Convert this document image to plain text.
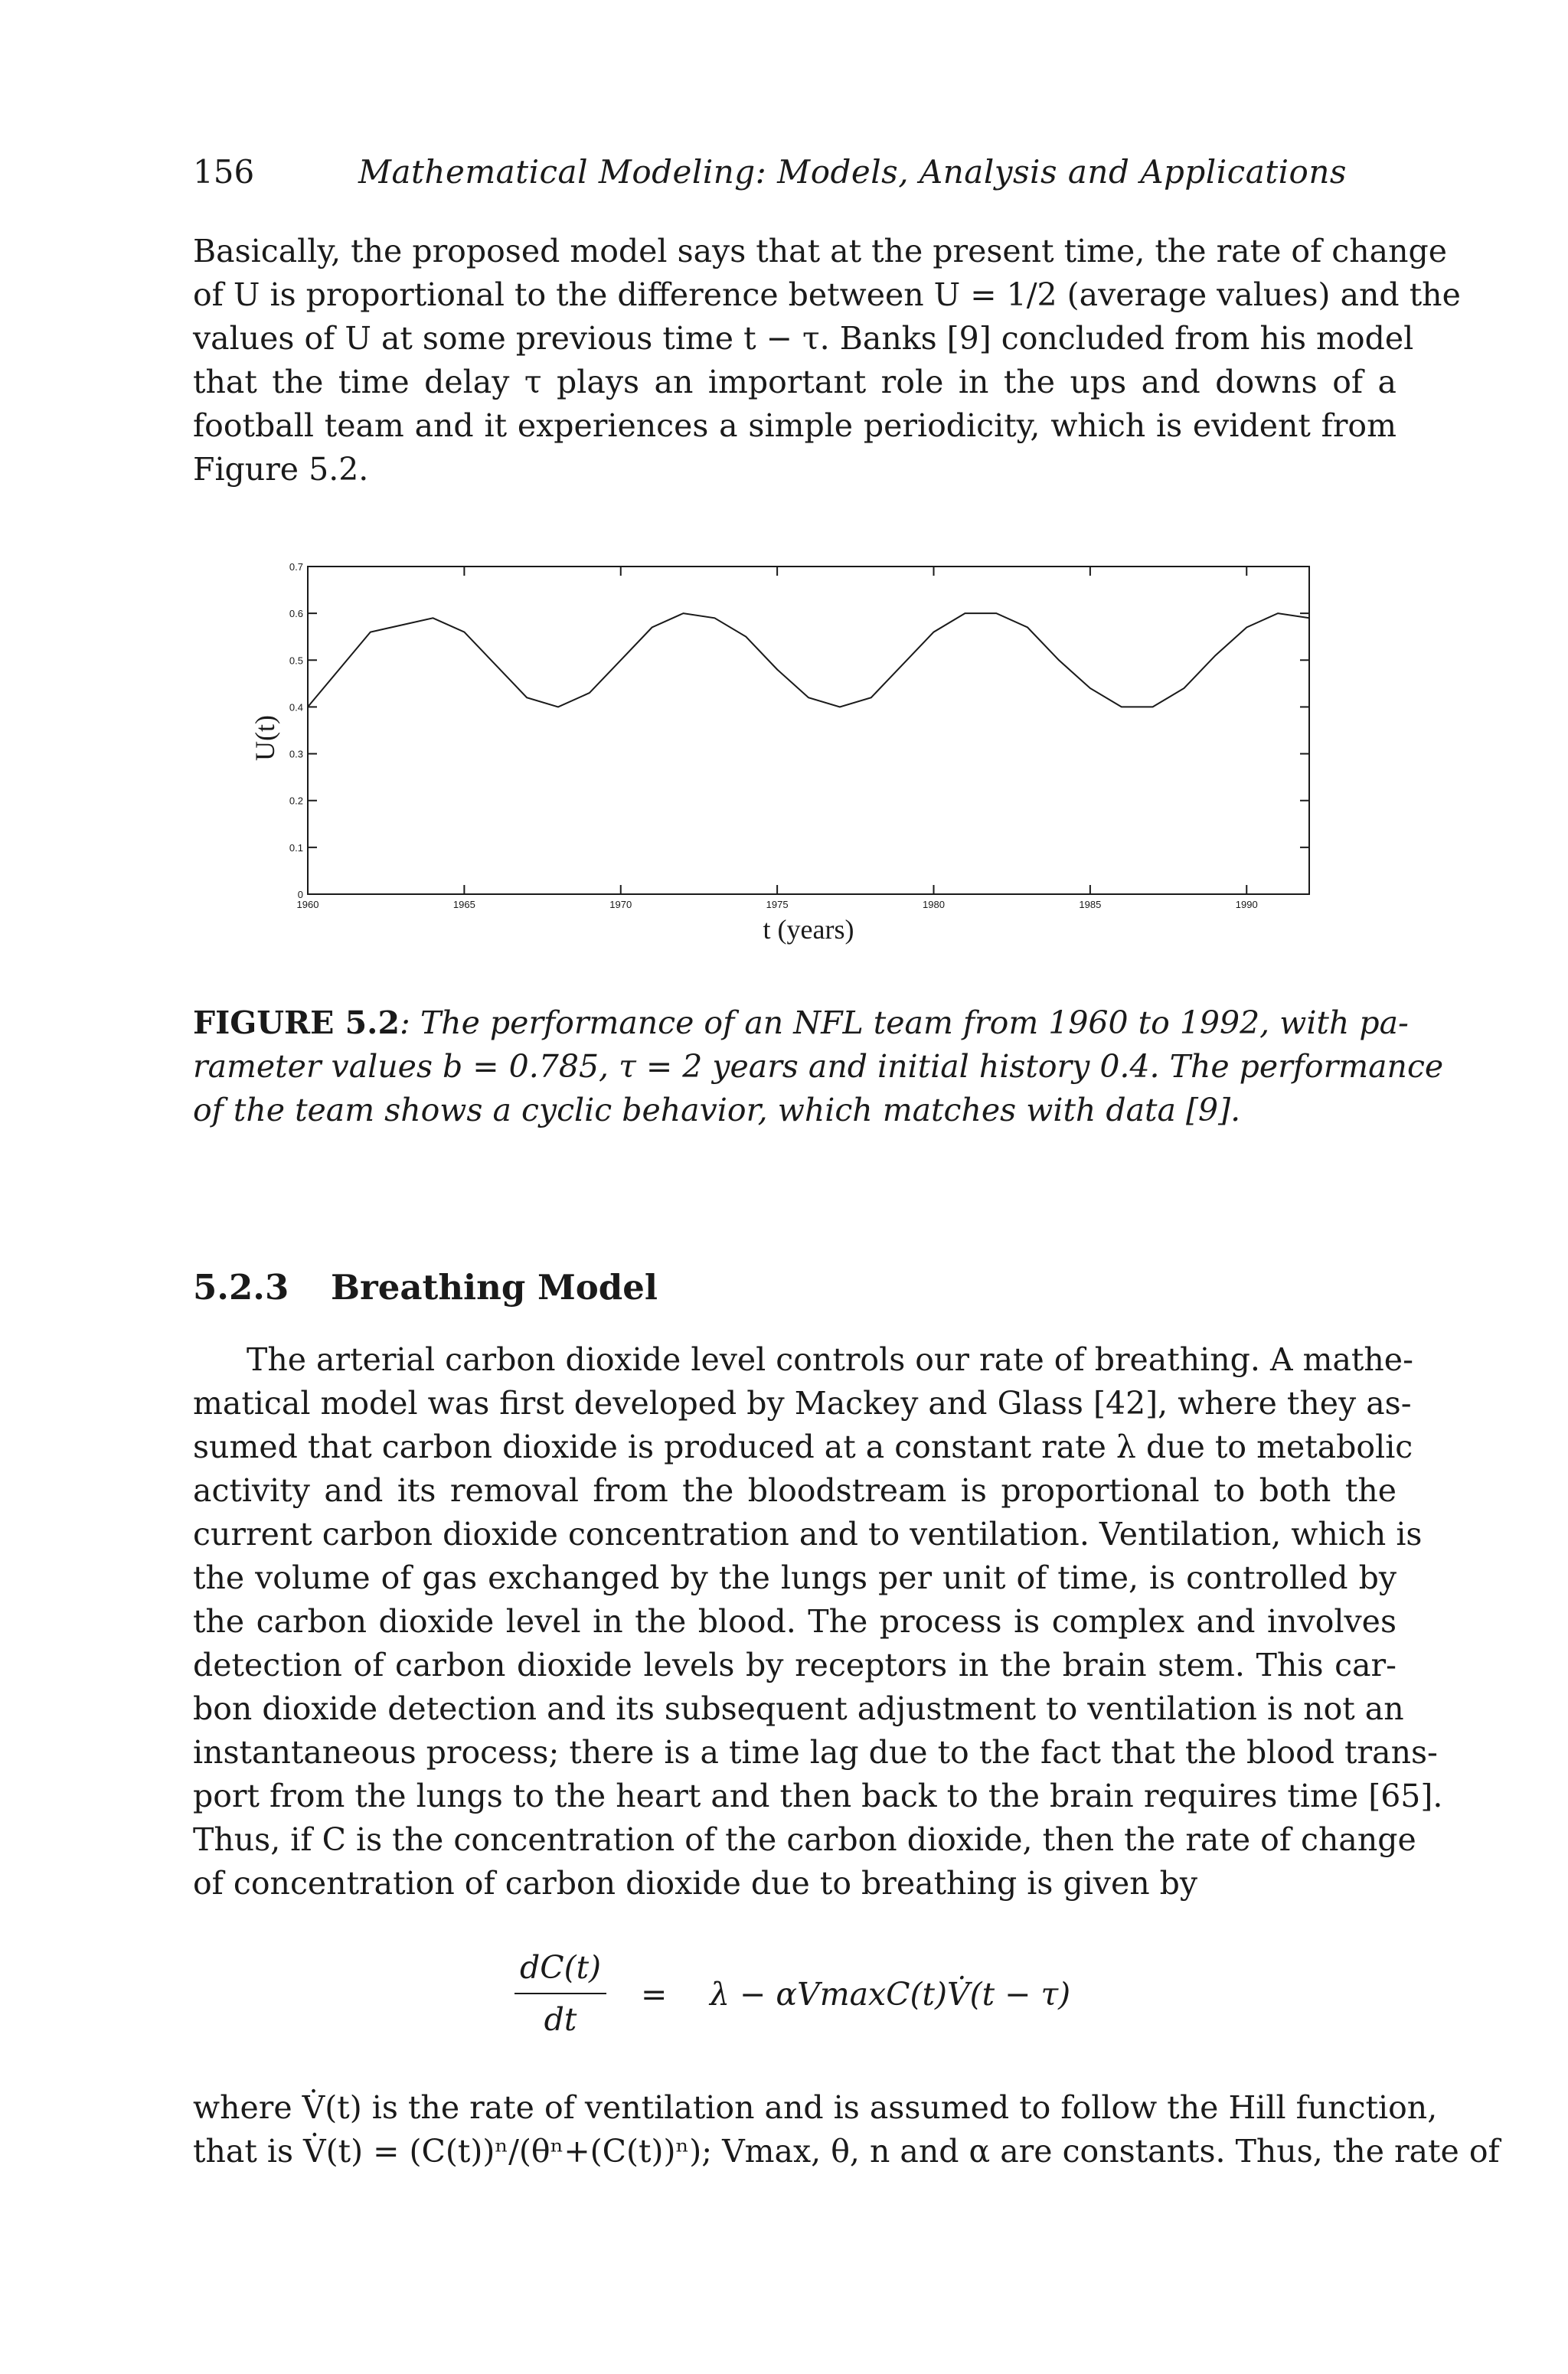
156	Mathematical Modeling: Models, Analysis and Applications
Basically, the proposed model says that at the present time, the rate of change
of U is proportional to the difference between U = 1/2 (average values) and the
values of U at some previous time t − τ. Banks [9] concluded from his model
that the time delay τ plays an important role in the ups and downs of a
football team and it experiences a simple periodicity, which is evident from
Figure 5.2.
1960	1965	1970	1975	1980	1985	1990
0
0.1
0.2
0.3
0.4
0.5
0.6
0.7
t (years)
U(t)
FIGURE 5.2: The performance of an NFL team from 1960 to 1992, with pa-
rameter values b = 0.785, τ = 2 years and initial history 0.4. The performance
of the team shows a cyclic behavior, which matches with data [9].
5.2.3 Breathing Model
The arterial carbon dioxide level controls our rate of breathing. A mathe-
matical model was first developed by Mackey and Glass [42], where they as-
sumed that carbon dioxide is produced at a constant rate λ due to metabolic
activity and its removal from the bloodstream is proportional to both the
current carbon dioxide concentration and to ventilation. Ventilation, which is
the volume of gas exchanged by the lungs per unit of time, is controlled by
the carbon dioxide level in the blood. The process is complex and involves
detection of carbon dioxide levels by receptors in the brain stem. This car-
bon dioxide detection and its subsequent adjustment to ventilation is not an
instantaneous process; there is a time lag due to the fact that the blood trans-
port from the lungs to the heart and then back to the brain requires time [65].
Thus, if C is the concentration of the carbon dioxide, then the rate of change
of concentration of carbon dioxide due to breathing is given by
dC(t)
dt
= λ − αVmaxC(t)V̇(t − τ)
where V̇(t) is the rate of ventilation and is assumed to follow the Hill function,
that is V̇(t) = (C(t))ⁿ/(θⁿ+(C(t))ⁿ); Vmax, θ, n and α are constants. Thus, the rate of
